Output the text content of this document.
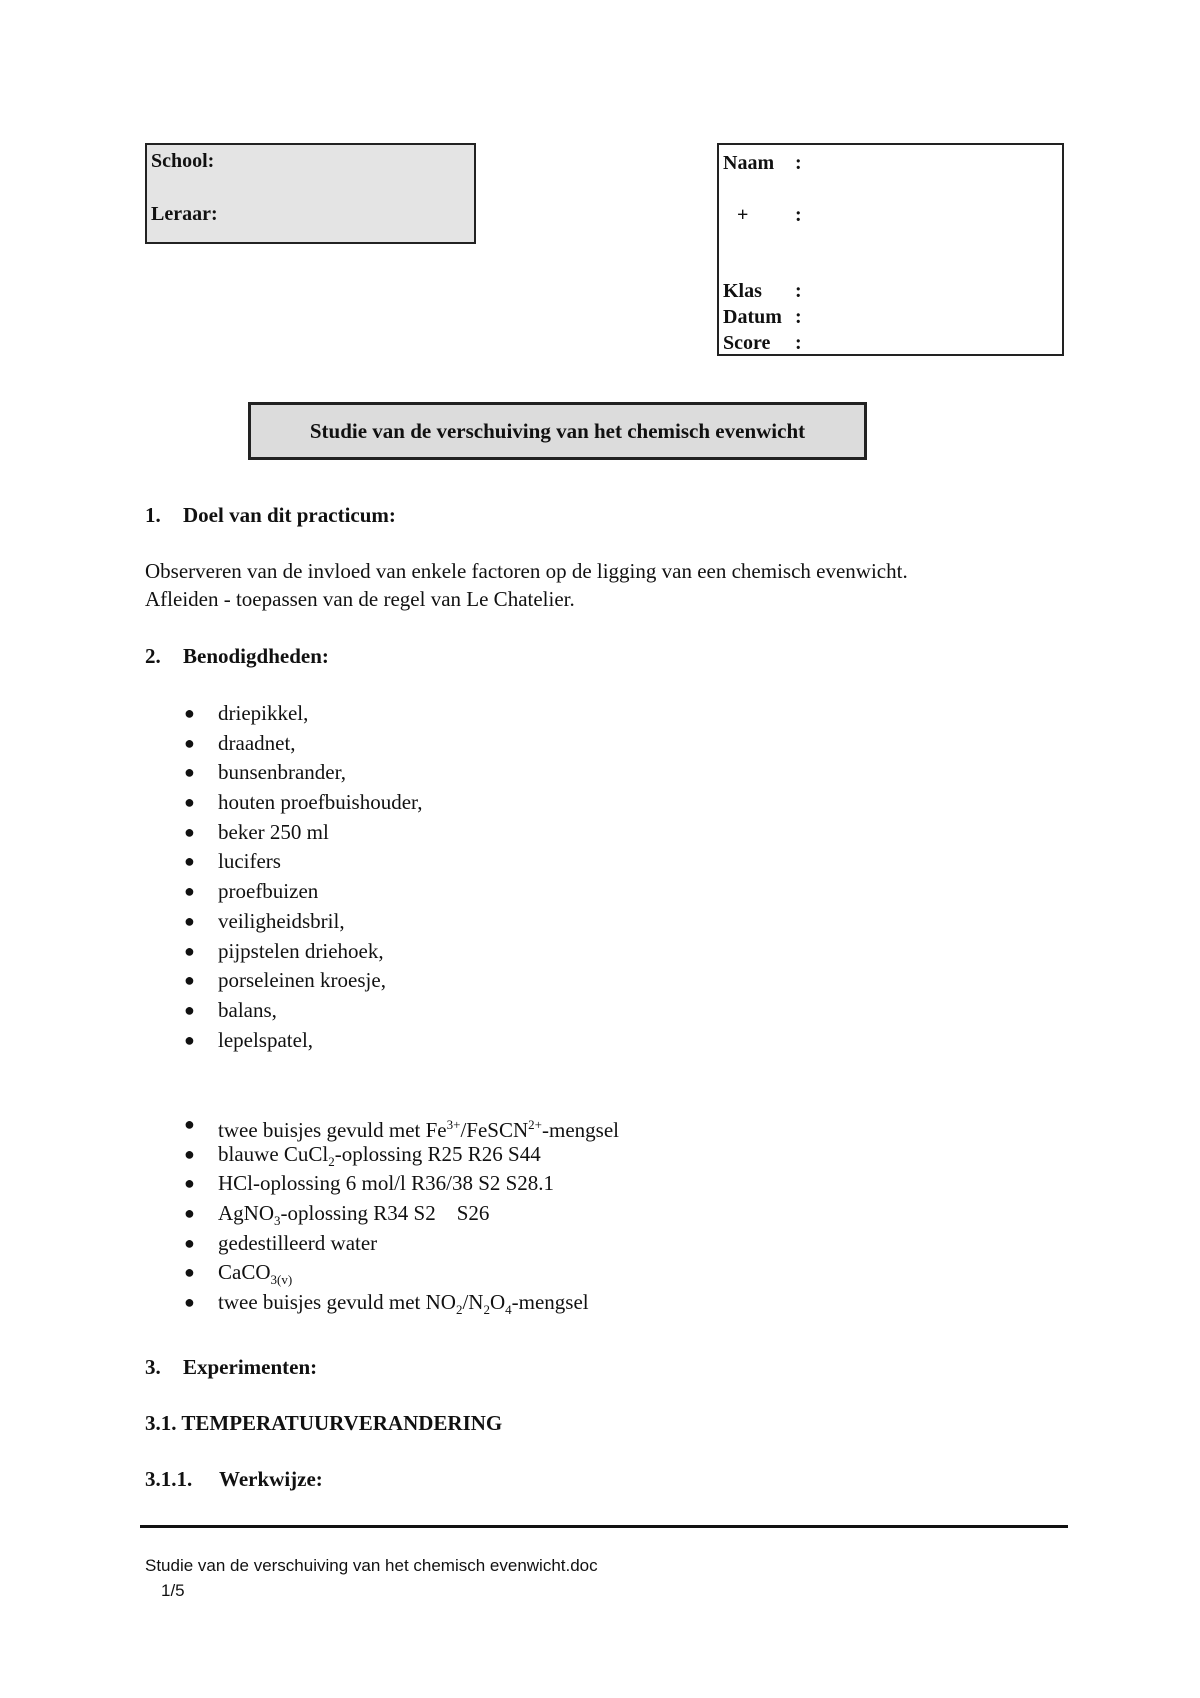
School:
Leraar:
Naam	:
+	:
Klas	:
Datum :
Score	:
Studie van de verschuiving van het chemisch evenwicht
1. Doel van dit practicum:
Observeren van de invloed van enkele factoren op de ligging van een chemisch evenwicht.
Afleiden - toepassen van de regel van Le Chatelier.
2. Benodigdheden:
● driepikkel,
● draadnet,
● bunsenbrander,
● houten proefbuishouder,
● beker 250 ml
● lucifers
● proefbuizen
● veiligheidsbril,
● pijpstelen driehoek,
● porseleinen kroesje,
● balans,
● lepelspatel,
● twee buisjes gevuld met $Fe^{3+}/FeSCN^{2+}$-mengsel
● blauwe CuCl$_2$-oplossing R25 R26 S44
● HCl-oplossing 6 mol/l R36/38 S2 S28.1
● AgNO$_3$-oplossing R34 S2    S26
● gedestilleerd water
● CaCO$_{3(v)}$
● twee buisjes gevuld met $NO_2/N_2O_4$-mengsel
3. Experimenten:
3.1. TEMPERATUURVERANDERING
3.1.1. Werkwijze:
Studie van de verschuiving van het chemisch evenwicht.doc
1/5
